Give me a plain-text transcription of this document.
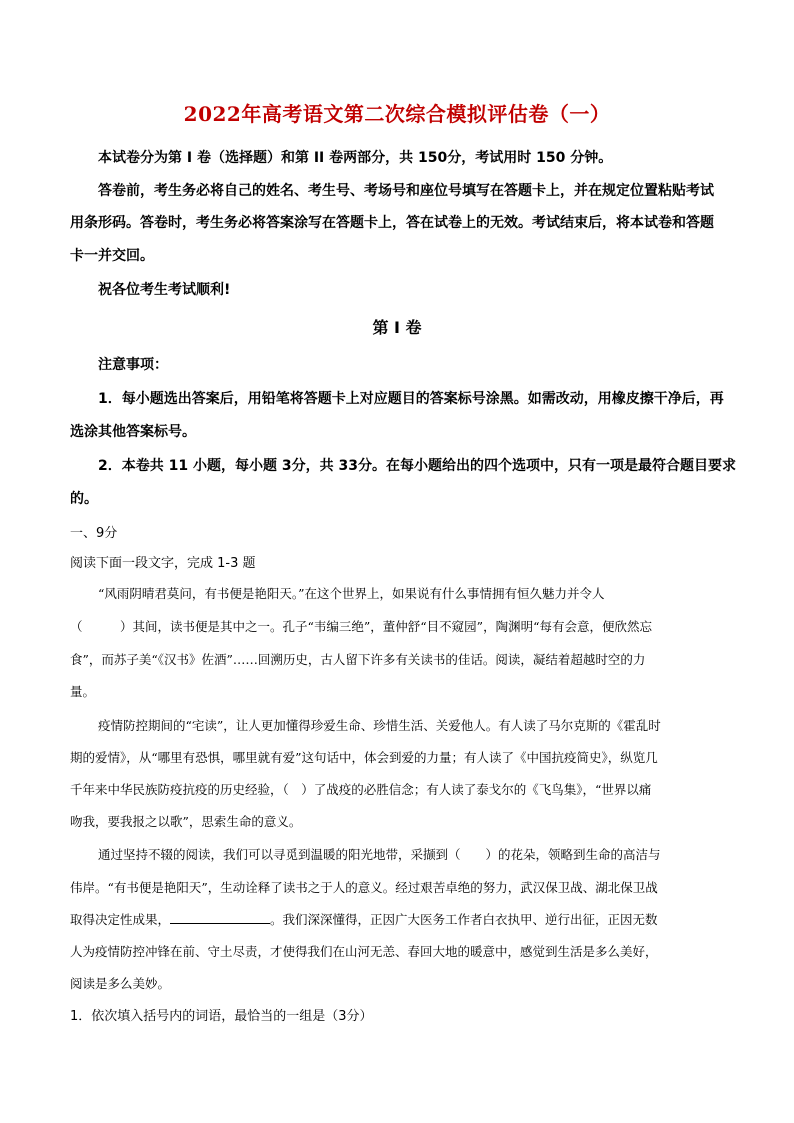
2022年高考语文第二次综合模拟评估卷（一）
本试卷分为第 I 卷（选择题）和第 II 卷两部分，共 150分，考试用时 150 分钟。
答卷前，考生务必将自己的姓名、考生号、考场号和座位号填写在答题卡上，并在规定位置粘贴考试
用条形码。答卷时，考生务必将答案涂写在答题卡上，答在试卷上的无效。考试结束后，将本试卷和答题
卡一并交回。
祝各位考生考试顺利!
第 I 卷
注意事项：
1．每小题选出答案后，用铅笔将答题卡上对应题目的答案标号涂黑。如需改动，用橡皮擦干净后，再
选涂其他答案标号。
2．本卷共 11 小题，每小题 3分，共 33分。在每小题给出的四个选项中，只有一项是最符合题目要求
的。
一、9分
阅读下面一段文字，完成 1-3 题
“风雨阴晴君莫问，有书便是艳阳天。”在这个世界上，如果说有什么事情拥有恒久魅力并令人
（　　　）其间，读书便是其中之一。孔子“韦编三绝”，董仲舒“目不窥园”，陶渊明“每有会意，便欣然忘
食”，而苏子美“《汉书》佐酒”……回溯历史，古人留下许多有关读书的佳话。阅读，凝结着超越时空的力
量。
疫情防控期间的“宅读”，让人更加懂得珍爱生命、珍惜生活、关爱他人。有人读了马尔克斯的《霍乱时
期的爱情》，从“哪里有恐惧，哪里就有爱”这句话中，体会到爱的力量；有人读了《中国抗疫简史》，纵览几
千年来中华民族防疫抗疫的历史经验，（　）了战疫的必胜信念；有人读了泰戈尔的《飞鸟集》，“世界以痛
吻我，要我报之以歌”，思索生命的意义。
通过坚持不辍的阅读，我们可以寻觅到温暖的阳光地带，采撷到（　　）的花朵，领略到生命的高洁与
伟岸。“有书便是艳阳天”，生动诠释了读书之于人的意义。经过艰苦卓绝的努力，武汉保卫战、湖北保卫战
取得决定性成果，	。我们深深懂得，正因广大医务工作者白衣执甲、逆行出征，正因无数
人为疫情防控冲锋在前、守土尽责，才使得我们在山河无恙、春回大地的暖意中，感觉到生活是多么美好，
阅读是多么美妙。
1．依次填入括号内的词语，最恰当的一组是（3分）
